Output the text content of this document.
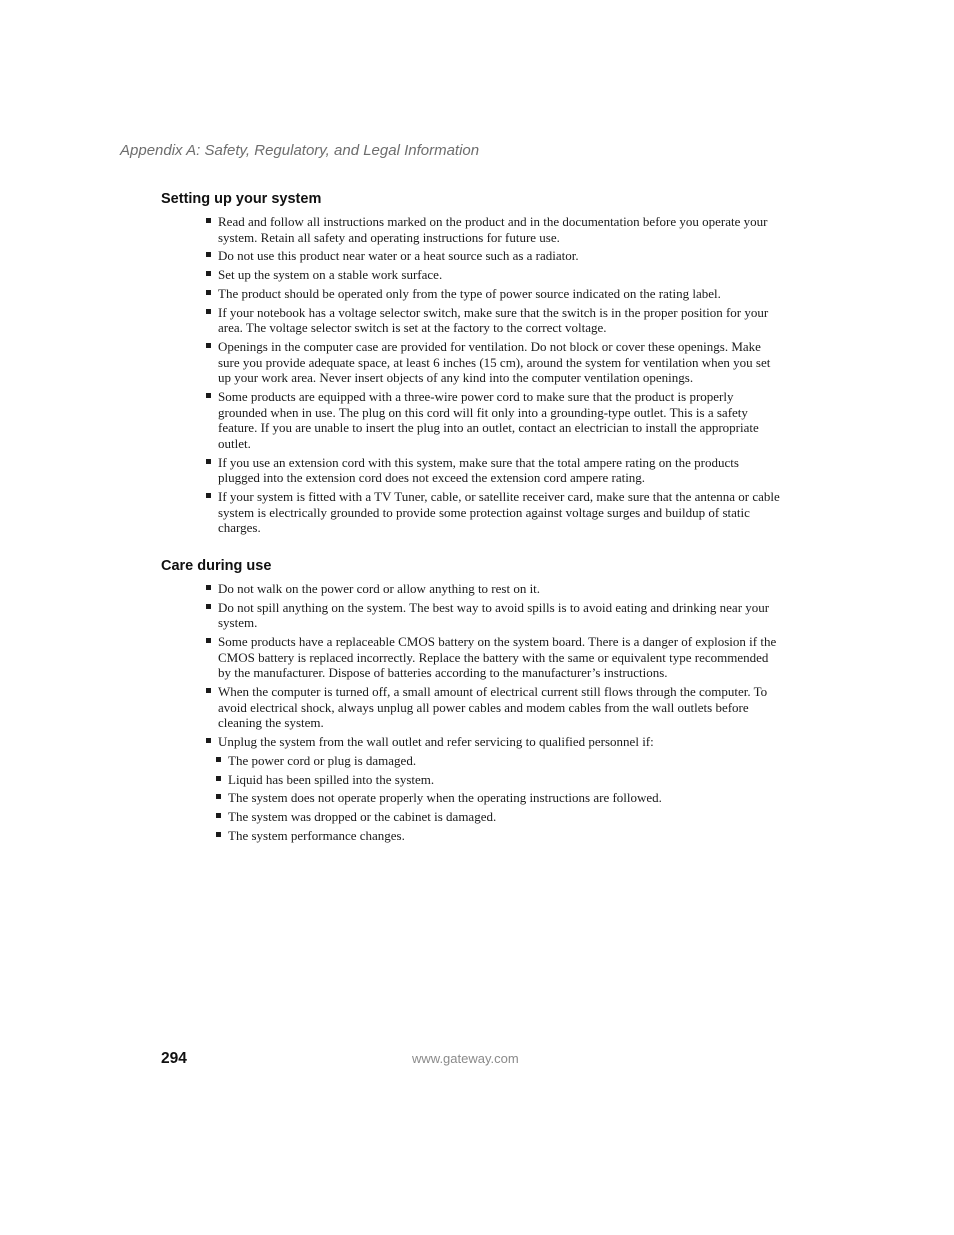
Appendix A: Safety, Regulatory, and Legal Information
Setting up your system
Read and follow all instructions marked on the product and in the documentation before you operate your system. Retain all safety and operating instructions for future use.
Do not use this product near water or a heat source such as a radiator.
Set up the system on a stable work surface.
The product should be operated only from the type of power source indicated on the rating label.
If your notebook has a voltage selector switch, make sure that the switch is in the proper position for your area. The voltage selector switch is set at the factory to the correct voltage.
Openings in the computer case are provided for ventilation. Do not block or cover these openings. Make sure you provide adequate space, at least 6 inches (15 cm), around the system for ventilation when you set up your work area. Never insert objects of any kind into the computer ventilation openings.
Some products are equipped with a three-wire power cord to make sure that the product is properly grounded when in use. The plug on this cord will fit only into a grounding-type outlet. This is a safety feature. If you are unable to insert the plug into an outlet, contact an electrician to install the appropriate outlet.
If you use an extension cord with this system, make sure that the total ampere rating on the products plugged into the extension cord does not exceed the extension cord ampere rating.
If your system is fitted with a TV Tuner, cable, or satellite receiver card, make sure that the antenna or cable system is electrically grounded to provide some protection against voltage surges and buildup of static charges.
Care during use
Do not walk on the power cord or allow anything to rest on it.
Do not spill anything on the system. The best way to avoid spills is to avoid eating and drinking near your system.
Some products have a replaceable CMOS battery on the system board. There is a danger of explosion if the CMOS battery is replaced incorrectly. Replace the battery with the same or equivalent type recommended by the manufacturer. Dispose of batteries according to the manufacturer’s instructions.
When the computer is turned off, a small amount of electrical current still flows through the computer. To avoid electrical shock, always unplug all power cables and modem cables from the wall outlets before cleaning the system.
Unplug the system from the wall outlet and refer servicing to qualified personnel if:
The power cord or plug is damaged.
Liquid has been spilled into the system.
The system does not operate properly when the operating instructions are followed.
The system was dropped or the cabinet is damaged.
The system performance changes.
294	www.gateway.com
